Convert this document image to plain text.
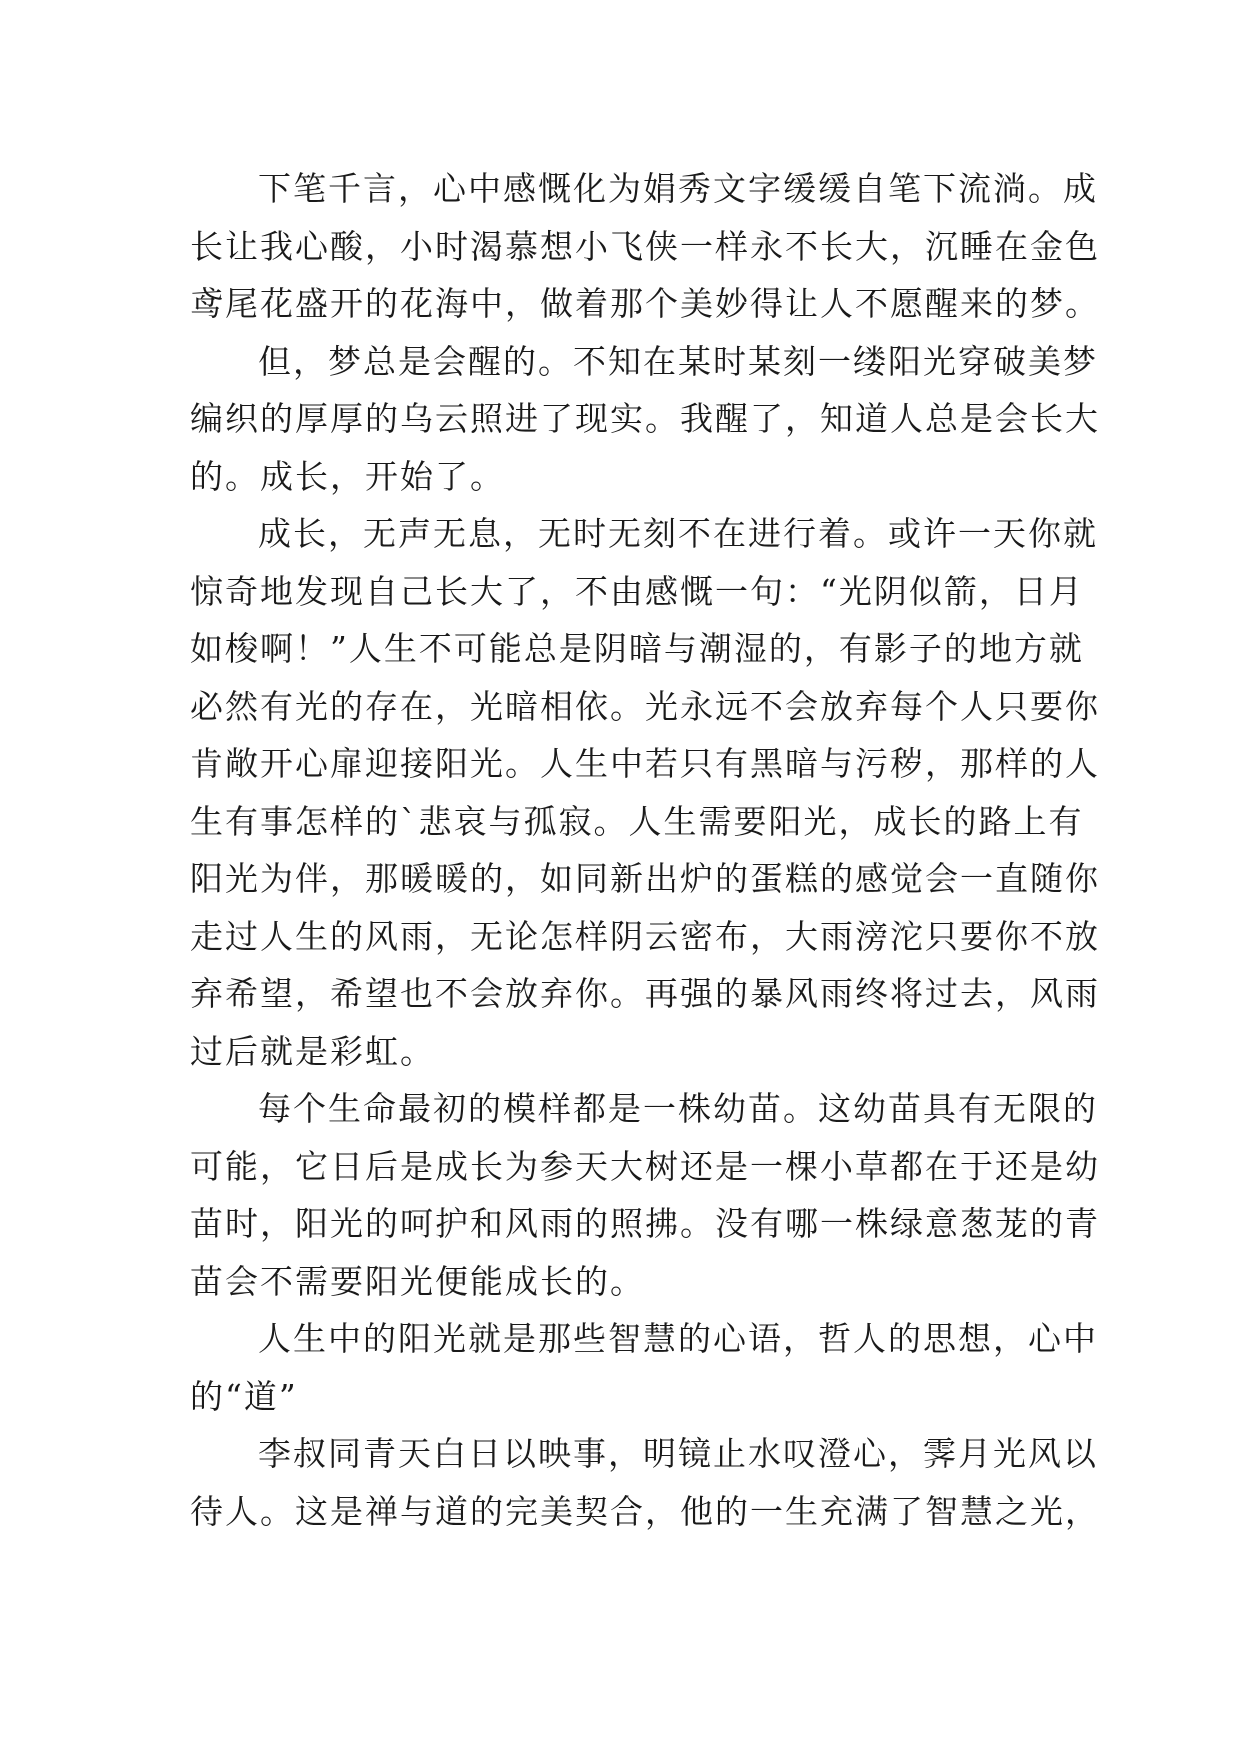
下笔千言，心中感慨化为娟秀文字缓缓自笔下流淌。成
长让我心酸，小时渴慕想小飞侠一样永不长大，沉睡在金色
鸢尾花盛开的花海中，做着那个美妙得让人不愿醒来的梦。
但，梦总是会醒的。不知在某时某刻一缕阳光穿破美梦
编织的厚厚的乌云照进了现实。我醒了，知道人总是会长大
的。成长，开始了。
成长，无声无息，无时无刻不在进行着。或许一天你就
惊奇地发现自己长大了，不由感慨一句：“光阴似箭，日月
如梭啊！”人生不可能总是阴暗与潮湿的，有影子的地方就
必然有光的存在，光暗相依。光永远不会放弃每个人只要你
肯敞开心扉迎接阳光。人生中若只有黑暗与污秽，那样的人
生有事怎样的`悲哀与孤寂。人生需要阳光，成长的路上有
阳光为伴，那暖暖的，如同新出炉的蛋糕的感觉会一直随你
走过人生的风雨，无论怎样阴云密布，大雨滂沱只要你不放
弃希望，希望也不会放弃你。再强的暴风雨终将过去，风雨
过后就是彩虹。
每个生命最初的模样都是一株幼苗。这幼苗具有无限的
可能，它日后是成长为参天大树还是一棵小草都在于还是幼
苗时，阳光的呵护和风雨的照拂。没有哪一株绿意葱茏的青
苗会不需要阳光便能成长的。
人生中的阳光就是那些智慧的心语，哲人的思想，心中
的“道”
李叔同青天白日以映事，明镜止水叹澄心，霁月光风以
待人。这是禅与道的完美契合，他的一生充满了智慧之光，
